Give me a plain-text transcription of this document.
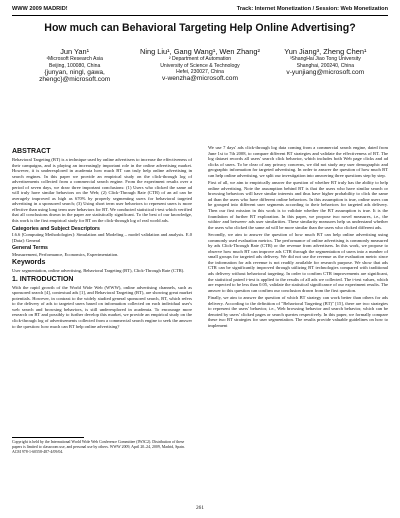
WWW 2009 MADRID!	Track: Internet Monetization / Session: Web Monetization
How much can Behavioral Targeting Help Online Advertising?
Jun Yan¹
¹Microsoft Research Asia
Beijing, 100080, China
{junyan, ningl, gawa, zhengc}@microsoft.com
Ning Liu¹, Gang Wang¹, Wen Zhang²
² Department of Automation
University of Science & Technology
Hefei, 230027, China
v-wenzha@microsoft.com
Yun Jiang³, Zheng Chen¹
³ShangHai Jiao Tong University
Shanghai, 200240, China
v-yunjiang@microsoft.com
ABSTRACT

Behavioral Targeting (BT) is a technique used by online advertisers to increase the effectiveness of their campaigns, and is playing an increasingly important role in the online advertising market. However, it is underexplored in academia how much BT can truly help online advertising in search engines. In this paper we provide an empirical study on the click-through log of advertisements collected from a commercial search engine. From the experiment results over a period of seven days, we draw three important conclusions: (1) Users who clicked the same ad will truly have similar behaviors on the Web; (2) Click-Through Rate (CTR) of an ad can be averagely improved as high as 670% by properly segmenting users for behavioral targeted advertising in a sponsored search; (3) Using short term user behaviors to represent users is more effective than using long term user behaviors for BT. We conducted statistical t-test which verified that all conclusions drawn in the paper are statistically significant. To the best of our knowledge, this work is the first empirical study for BT on the click-through log of real world ads.

Categories and Subject Descriptors

I.6.6 [Computing Methodologies]: Simulation and Modeling – model validation and analysis. E.0 [Data]: General

General Terms

Measurement, Performance, Economics, Experimentation.

Keywords

User segmentation, online advertising, Behavioral Targeting (BT), Click-Through Rate (CTR).

1. INTRODUCTION

With the rapid growth of the World Wide Web (WWW), online advertising channels, such as sponsored search [4], contextual ads [1], and Behavioral Targeting (BT), are showing great market potentials. However, in contrast to the widely studied general sponsored search, BT, which refers to the delivery of ads to targeted users based on information collected on each individual user's web search and browsing behaviors, is still underexplored in academia. To encourage more research on BT and possibly to further develop this market, we provide an empirical study on the click-through log of advertisements collected from a commercial search engine to seek the answer to the question: how much can BT help online advertising?

Copyright is held by the International World Wide Web Conference Committee (IW3C2). Distribution of these papers is limited to classroom use, and personal use by others. WWW 2009, April 20–24, 2009, Madrid, Spain. ACM 978-1-60558-487-4/09/04.

We use 7 days' ads click-through log data coming from a commercial search engine, dated from June 1st to 7th 2008, to compare different BT strategies and validate the effectiveness of BT. The log dataset records all users' search click behavior, which includes both Web page clicks and ad clicks of users. To be clear of any privacy concerns, we did not study any user demographic and geographic information for targeted advertising. In order to answer the question of how much BT can help online advertising, we split our investigation into answering three questions step by step.

First of all, we aim to empirically answer the question of whether BT truly has the ability to help online advertising. Note the assumption behind BT is that the users who have similar search or browsing behaviors will have similar interests and thus have higher probability to click the same ad than the users who have different online behaviors. In this assumption is true, online users can be grouped into different user segments according to their behaviors for targeted ads delivery. Then our first mission in this work is to validate whether the BT assumption is true. It is the foundation of further BT exploration. In this paper, we propose two novel measures, i.e., the within- and between- ads user similarities. These similarity measures help us understand whether the users who clicked the same ad will be more similar than the users who clicked different ads.

Secondly, we aim to answer the question of how much BT can help online advertising using commonly used evaluation metrics. The performance of online advertising is commonly measured by ads Click-Through Rate (CTR) or the revenue from advertisers. In this work, we propose to observe how much BT can improve ads CTR through the segmentation of users into a number of small groups for targeted ads delivery. We did not use the revenue as the evaluation metric since the information for ads revenue is not readily available for research purpose. We show that ads CTR can be significantly improved through utilizing BT technologies compared with traditional ads delivery without behavioral targeting. In order to confirm CTR improvements are significant, the statistical paired t-test is applied to the results of all ads we collected. The t-test values, which are expected to be less than 0.05, validate the statistical significance of our experiment results. The answer to this question can confirm our conclusion drawn from the first question.

Finally, we aim to answer the question of which BT strategy can work better than others for ads delivery. According to the definition of "Behavioral Targeting (BT)" [15], there are two strategies to represent the users' behavior, i.e., Web browsing behavior and search behavior, which can be denoted by users' clicked pages or search queries respectively. In this paper, we formally compare these two BT strategies for user segmentation. The results provide valuable guidelines on how to implement

261
